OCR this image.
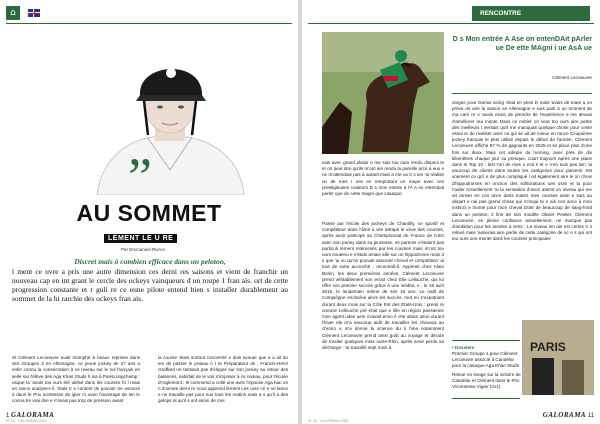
⌂
”
AU SOMMET
LÉMENT LE U RE
Par Emmanuel Rivron
Discret mais ô combien efficace dans un peloton,
l ment ce uvre a pris une autre dimension ces derni res saisons et vient de franchir un nouveau cap en int grant le cercle des ockeys vainqueurs d un roupe 1 fran ais. ort de cette progression constante et r guli re ce eune pilote entend bien s installer durablement au sommet de la hi rarchie des ockeys fran ais.
Si Clément Lecoeuvre avait triomphé à beaux reprises dans des Groupes 3 en Allemagne, ce jeune jockey de 27 ans a enfin connu la consécration à ce niveau sur le sol français en selle sur l'élève des Aga Khan Studs h ina à ParisLongchamp : usque là 'avais tou ours été utilisé dans les courses fo l mais en rance analyse-t-il. 'étais tr s content de pouvoir tre associé à dans le Prix icomtesse de igier r1 avec l'avantage de ien le conna tre vrai dire e n'avais pas trop de pression avant
la course 'étais surtout concentré e dois avouer que a a ait du ien de passer le poteau n t te Préparateur de , Francis-Henri Graffard ne tarissait pas d'éloges sur son jockey au retour des balances, satisfait de le voir s'imposer à ce niveau, pour l'écurie d'Aiglemont : le commend a collé une avec l'épouse Aga han on n d'année derni re nous apprend lément Les uvre cé e ne lance e ne travaille pas pour eux tous les matins mais a s qu'il a des galops et qu'il s ont esoin de moi
1 GALORAMA
N° 00 · GALORAMA 2025
RENCONTRE
D s Mon entrée A Ase on entenDAit pArler ue De ette MAgni i ue AsA ue
Clément Lecoeuvre
vais avec grand plaisir e me suis tou ours rendu disponi le et on peut dire qu'ils m'ont ien rendu la pareille arcé à eux e ne m'attendais pas à autant mais a me va tr s ien 'ai réalisé un de mes r ves en remportant un roupe avec ces prestigieuses couleurs D s mon entrée à l'A A on entendait parler que de cette magni que casaque
Passé par l'école des jockeys de Chantilly, ce sportif et compétiteur dans l'âme a vite attrapé le virus des courses, après avoir participé au Championnat de France de CSO avec son poney dans sa jeunesse. es parents n'étaient pas particuli rement intéressés par les courses mais m'ont tou ours soutenu e n'étais amais allé sur un hippodrome mais d s que 'ai vu qu'on pouvait associer cheval et compétition 'ai tout de suite accroché , reconnaît-il. Apprenti chez Alain Bonin, les deux premières années, Clément Lecoeuvre prend véritablement son envol chez Elie Lellouche, qui lui offre son premier succès grâce à une inédite, e , le 18 avril 2016, le lendemain même de ses 18 ans. Le natif de Compiègne enchaîne alors les succès, tout en s'expatriant durant deux mois sur la Côte Est des États-Unis : premi re oneuse Lellouche pré érait que e rille en région parisienne mon agent udes uein m'avait envo é che abian otion durant l'hiver ela m'a eaucoup aidé de travailler les chevaux au chrono a m'a donné la science du ti hme notamment Clément Lecoeuvre prend ainsi goût au voyage et décide de s'exiler quelques mois outre-Rhin, après avoir perdu sa décharge : 'ai travaillé sept mois à
ologne pour Darius acing 'était en plein D mais 'avais de toute a on prévu de aire la saison en Allemagne e suis parti à un moment de ma carri re o 'avais esoin de prendre de l'expérience e me devais d'améliorer ma monte Dans ce métier on veut tou ours aire partie des meilleurs t eentais qu'il me manquait quelque chose pour ceste essai er de rivaliser avec ce qui se ait de mieux en rance Cinquième jockey français le plus utilisé depuis le début de l'année, Clément Lecoeuvre affiche 87 % de gagnants en 2025 et se place plus d'une fois sur deux. Mais cet adepte du running, avec près de dix kilomètres chaque jour ou presque, court toujours après une place dans le Top 10 : lest t'un de mes o ecti s et e n'en suis pas loin 'ai eaucoup de clients dans toutes les catégories pour parvenir 'est vraiment ce qu'i e de plus compliqué l ait également aire le on choix d'hippodromes en onction des sollicitations ues usini et la pour r'aider Actuellement 'ai la sensation d'avoir atteint un niveau qui me ait arriver en con ance dans toutes mes courses ainsi e suis au départ e nai pas grand chose qui m'inqui te e ais con ance à mon instinct e monte pour mon cheval Doté de beaucoup de sang-froid dans un peloton, il finit de son modèle Olivier Peslier, Clément Lecoeuvre, en pleine confiance actuellement, ne manque pas d'ambition pour les années à venir : Le niveau ien ais est certes tr s relevé mais 'aimerais aire partie de cette catégorie de oc e s qui ont tou ours une monte dans les courses principales
• Dossiers
Premier Groupe 1 pour Clément Lecoeuvre associé à Candelar pour la casaque Aga Khan Studs
Retour en image sur la victoire de Candelar et Clément dans le Prix Vicomtesse Vigier (Gr1)
PARIS
GALORAMA 11
N° 00 · GALORAMA 2025
